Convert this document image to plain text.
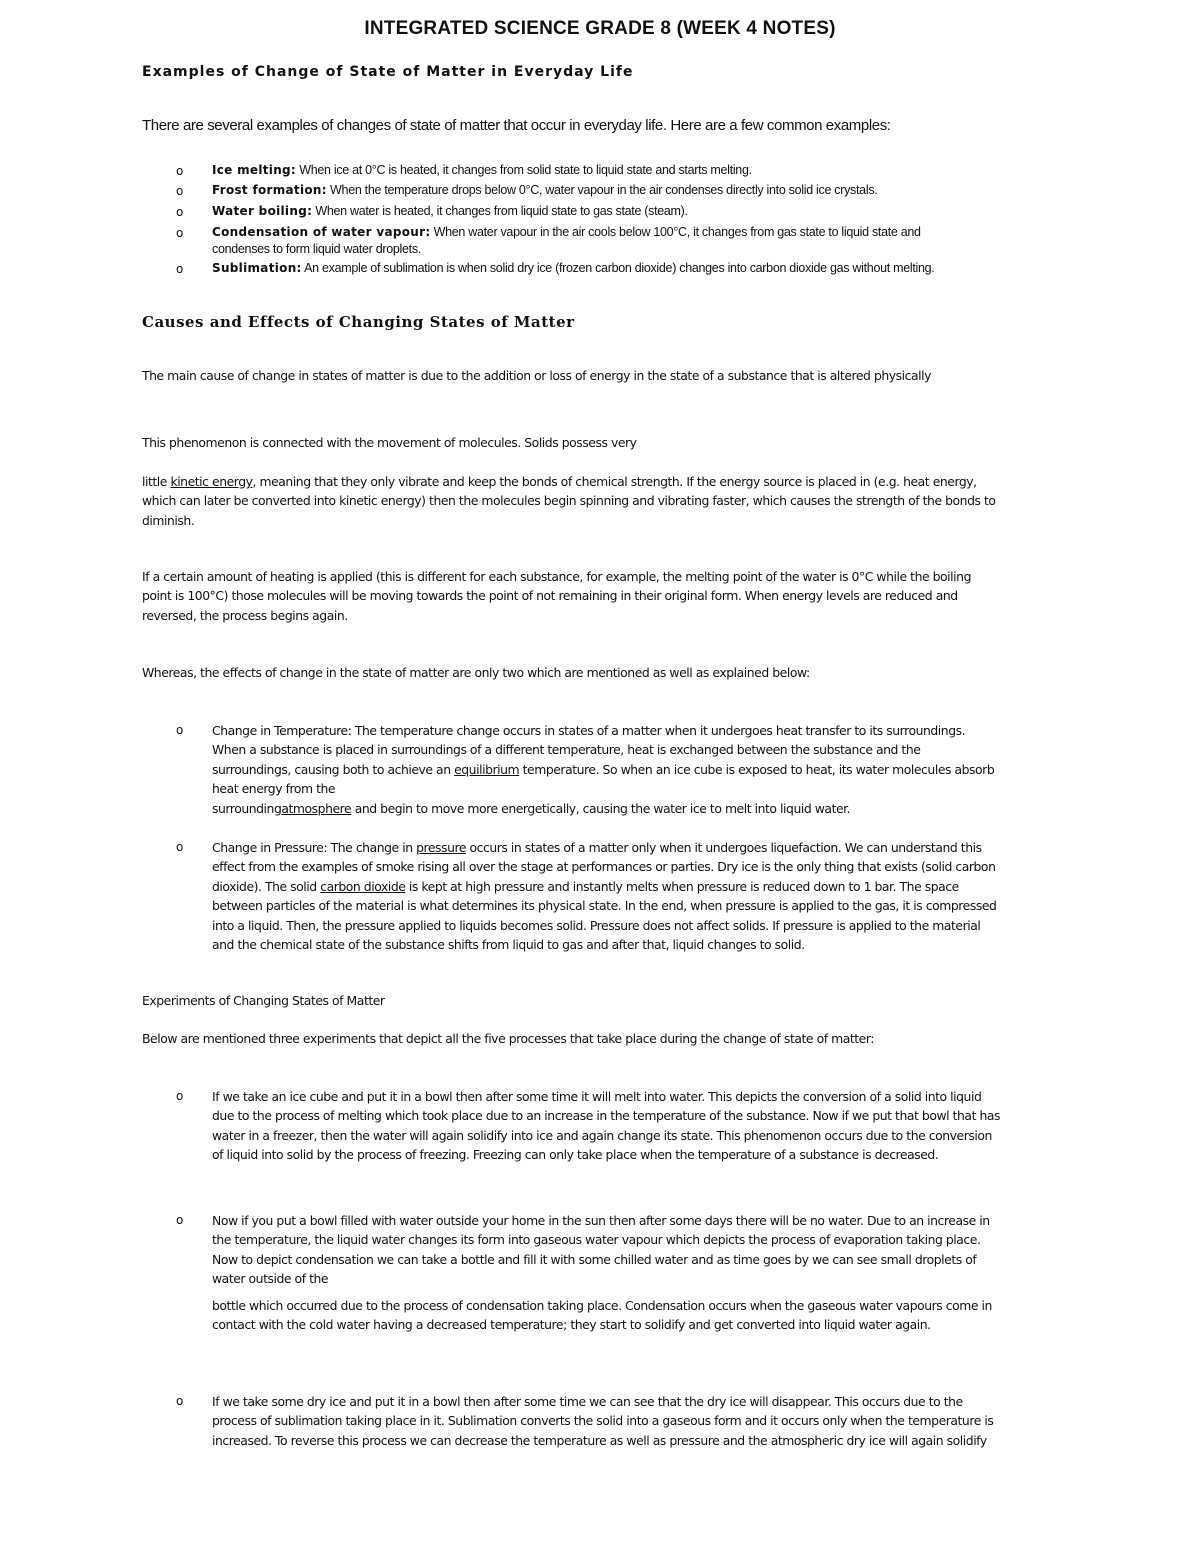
INTEGRATED SCIENCE GRADE 8 (WEEK 4 NOTES)
Examples of Change of State of Matter in Everyday Life
There are several examples of changes of state of matter that occur in everyday life. Here are a few common examples:
o Ice melting: When ice at 0°C is heated, it changes from solid state to liquid state and starts melting.
o Frost formation: When the temperature drops below 0°C, water vapour in the air condenses directly into solid ice crystals.
o Water boiling: When water is heated, it changes from liquid state to gas state (steam).
o Condensation of water vapour: When water vapour in the air cools below 100°C, it changes from gas state to liquid state and condenses to form liquid water droplets.
o Sublimation: An example of sublimation is when solid dry ice (frozen carbon dioxide) changes into carbon dioxide gas without melting.
Causes and Effects of Changing States of Matter
The main cause of change in states of matter is due to the addition or loss of energy in the state of a substance that is altered physically
This phenomenon is connected with the movement of molecules. Solids possess very
little kinetic energy, meaning that they only vibrate and keep the bonds of chemical strength. If the energy source is placed in (e.g. heat energy, which can later be converted into kinetic energy) then the molecules begin spinning and vibrating faster, which causes the strength of the bonds to diminish.
If a certain amount of heating is applied (this is different for each substance, for example, the melting point of the water is 0°C while the boiling point is 100°C) those molecules will be moving towards the point of not remaining in their original form. When energy levels are reduced and reversed, the process begins again.
Whereas, the effects of change in the state of matter are only two which are mentioned as well as explained below:
o Change in Temperature: The temperature change occurs in states of a matter when it undergoes heat transfer to its surroundings. When a substance is placed in surroundings of a different temperature, heat is exchanged between the substance and the surroundings, causing both to achieve an equilibrium temperature. So when an ice cube is exposed to heat, its water molecules absorb heat energy from the
surroundingatmosphere and begin to move more energetically, causing the water ice to melt into liquid water.
o Change in Pressure: The change in pressure occurs in states of a matter only when it undergoes liquefaction. We can understand this effect from the examples of smoke rising all over the stage at performances or parties. Dry ice is the only thing that exists (solid carbon dioxide). The solid carbon dioxide is kept at high pressure and instantly melts when pressure is reduced down to 1 bar. The space between particles of the material is what determines its physical state. In the end, when pressure is applied to the gas, it is compressed into a liquid. Then, the pressure applied to liquids becomes solid. Pressure does not affect solids. If pressure is applied to the material and the chemical state of the substance shifts from liquid to gas and after that, liquid changes to solid.
Experiments of Changing States of Matter
Below are mentioned three experiments that depict all the five processes that take place during the change of state of matter:
o If we take an ice cube and put it in a bowl then after some time it will melt into water. This depicts the conversion of a solid into liquid due to the process of melting which took place due to an increase in the temperature of the substance. Now if we put that bowl that has water in a freezer, then the water will again solidify into ice and again change its state. This phenomenon occurs due to the conversion of liquid into solid by the process of freezing. Freezing can only take place when the temperature of a substance is decreased.
o Now if you put a bowl filled with water outside your home in the sun then after some days there will be no water. Due to an increase in the temperature, the liquid water changes its form into gaseous water vapour which depicts the process of evaporation taking place. Now to depict condensation we can take a bottle and fill it with some chilled water and as time goes by we can see small droplets of water outside of the
bottle which occurred due to the process of condensation taking place. Condensation occurs when the gaseous water vapours come in contact with the cold water having a decreased temperature; they start to solidify and get converted into liquid water again.
o If we take some dry ice and put it in a bowl then after some time we can see that the dry ice will disappear. This occurs due to the process of sublimation taking place in it. Sublimation converts the solid into a gaseous form and it occurs only when the temperature is increased. To reverse this process we can decrease the temperature as well as pressure and the atmospheric dry ice will again solidify
